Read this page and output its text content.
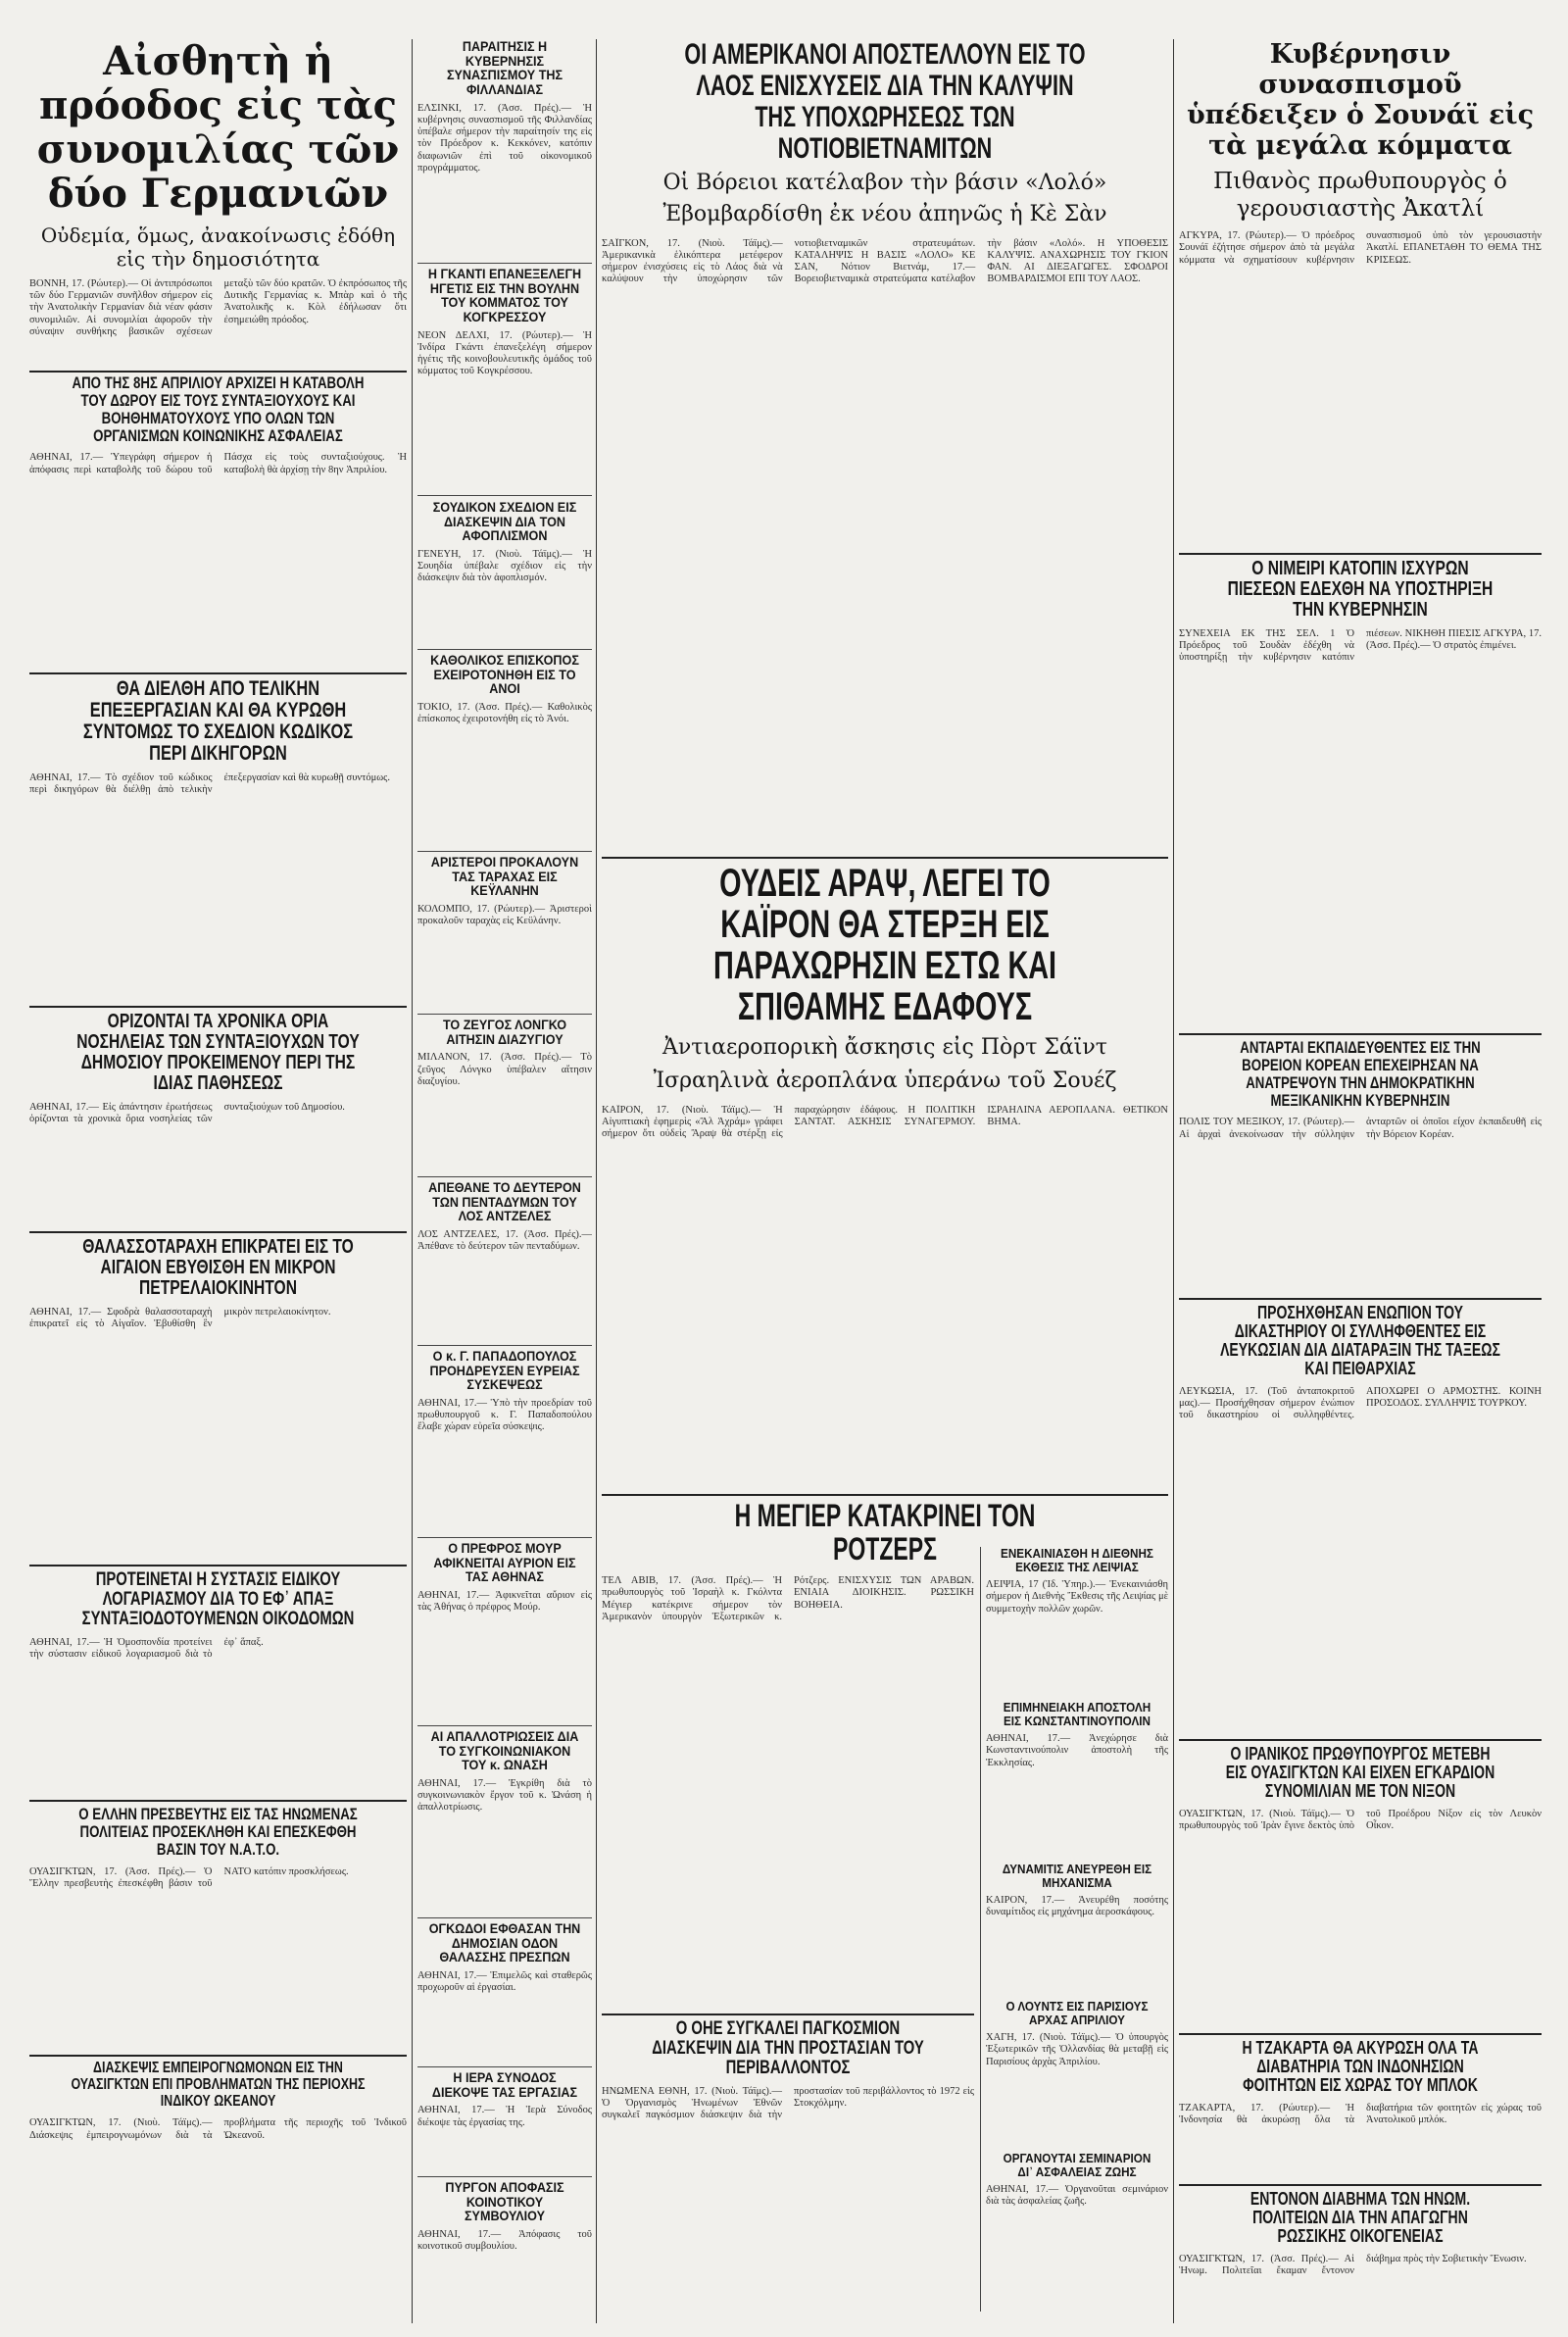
Αἰσθητὴ ἡ πρόοδος εἰς τὰς συνομιλίας τῶν δύο Γερμανιῶν

Οὐδεμία, ὅμως, ἀνακοίνωσις ἐδόθη εἰς τὴν δημοσιότητα

ΒΟΝΝΗ, 17. (Ρώυτερ).— Οἱ ἀντιπρόσωποι τῶν δύο Γερμανιῶν συνῆλθον σήμερον εἰς τὴν Ἀνατολικὴν Γερμανίαν διὰ νέαν φάσιν συνομιλιῶν. Αἱ συνομιλίαι ἀφοροῦν τὴν σύναψιν συνθήκης βασικῶν σχέσεων μεταξὺ τῶν δύο κρατῶν. Ὁ ἐκπρόσωπος τῆς Δυτικῆς Γερμανίας κ. Μπὰρ καὶ ὁ τῆς Ἀνατολικῆς κ. Κὸλ ἐδήλωσαν ὅτι ἐσημειώθη πρόοδος.
ΑΠΟ ΤΗΣ 8ΗΣ ΑΠΡΙΛΙΟΥ ΑΡΧΙΖΕΙ Η ΚΑΤΑΒΟΛΗ ΤΟΥ ΔΩΡΟΥ ΕΙΣ ΤΟΥΣ ΣΥΝΤΑΞΙΟΥΧΟΥΣ ΚΑΙ ΒΟΗΘΗΜΑΤΟΥΧΟΥΣ ΥΠΟ ΟΛΩΝ ΤΩΝ ΟΡΓΑΝΙΣΜΩΝ ΚΟΙΝΩΝΙΚΗΣ ΑΣΦΑΛΕΙΑΣ
ΑΘΗΝΑΙ, 17.— Ὑπεγράφη σήμερον ἡ ἀπόφασις περὶ καταβολῆς τοῦ δώρου τοῦ Πάσχα εἰς τοὺς συνταξιούχους. Ἡ καταβολὴ θὰ ἀρχίσῃ τὴν 8ην Ἀπριλίου.
ΘΑ ΔΙΕΛΘΗ ΑΠΟ ΤΕΛΙΚΗΝ ΕΠΕΞΕΡΓΑΣΙΑΝ ΚΑΙ ΘΑ ΚΥΡΩΘΗ ΣΥΝΤΟΜΩΣ ΤΟ ΣΧΕΔΙΟΝ ΚΩΔΙΚΟΣ ΠΕΡΙ ΔΙΚΗΓΟΡΩΝ
ΑΘΗΝΑΙ, 17.— Τὸ σχέδιον τοῦ κώδικος περὶ δικηγόρων θὰ διέλθῃ ἀπὸ τελικὴν ἐπεξεργασίαν καὶ θὰ κυρωθῇ συντόμως.
ΟΡΙΖΟΝΤΑΙ ΤΑ ΧΡΟΝΙΚΑ ΟΡΙΑ ΝΟΣΗΛΕΙΑΣ ΤΩΝ ΣΥΝΤΑΞΙΟΥΧΩΝ ΤΟΥ ΔΗΜΟΣΙΟΥ ΠΡΟΚΕΙΜΕΝΟΥ ΠΕΡΙ ΤΗΣ ΙΔΙΑΣ ΠΑΘΗΣΕΩΣ
ΑΘΗΝΑΙ, 17.— Εἰς ἀπάντησιν ἐρωτήσεως ὁρίζονται τὰ χρονικὰ ὅρια νοσηλείας τῶν συνταξιούχων τοῦ Δημοσίου.
ΘΑΛΑΣΣΟΤΑΡΑΧΗ ΕΠΙΚΡΑΤΕΙ ΕΙΣ ΤΟ ΑΙΓΑΙΟΝ ΕΒΥΘΙΣΘΗ ΕΝ ΜΙΚΡΟΝ ΠΕΤΡΕΛΑΙΟΚΙΝΗΤΟΝ
ΑΘΗΝΑΙ, 17.— Σφοδρὰ θαλασσοταραχὴ ἐπικρατεῖ εἰς τὸ Αἰγαῖον. Ἐβυθίσθη ἓν μικρὸν πετρελαιοκίνητον.
ΠΡΟΤΕΙΝΕΤΑΙ Η ΣΥΣΤΑΣΙΣ ΕΙΔΙΚΟΥ ΛΟΓΑΡΙΑΣΜΟΥ ΔΙΑ ΤΟ ΕΦ᾽ ΑΠΑΞ ΣΥΝΤΑΞΙΟΔΟΤΟΥΜΕΝΩΝ ΟΙΚΟΔΟΜΩΝ
ΑΘΗΝΑΙ, 17.— Ἡ Ὁμοσπονδία προτείνει τὴν σύστασιν εἰδικοῦ λογαριασμοῦ διὰ τὸ ἐφ᾽ ἅπαξ.
Ο ΕΛΛΗΝ ΠΡΕΣΒΕΥΤΗΣ ΕΙΣ ΤΑΣ ΗΝΩΜΕΝΑΣ ΠΟΛΙΤΕΙΑΣ ΠΡΟΣΕΚΛΗΘΗ ΚΑΙ ΕΠΕΣΚΕΦΘΗ ΒΑΣΙΝ ΤΟΥ Ν.Α.Τ.Ο.
ΟΥΑΣΙΓΚΤΩΝ, 17. (Ἀσσ. Πρές).— Ὁ Ἕλλην πρεσβευτὴς ἐπεσκέφθη βάσιν τοῦ ΝΑΤΟ κατόπιν προσκλήσεως.
ΔΙΑΣΚΕΨΙΣ ΕΜΠΕΙΡΟΓΝΩΜΟΝΩΝ ΕΙΣ ΤΗΝ ΟΥΑΣΙΓΚΤΩΝ ΕΠΙ ΠΡΟΒΛΗΜΑΤΩΝ ΤΗΣ ΠΕΡΙΟΧΗΣ ΙΝΔΙΚΟΥ ΩΚΕΑΝΟΥ
ΟΥΑΣΙΓΚΤΩΝ, 17. (Νιοὺ. Τάϊμς).— Διάσκεψις ἐμπειρογνωμόνων διὰ τὰ προβλήματα τῆς περιοχῆς τοῦ Ἰνδικοῦ Ὠκεανοῦ.
ΠΑΡΑΙΤΗΣΙΣ Η ΚΥΒΕΡΝΗΣΙΣ ΣΥΝΑΣΠΙΣΜΟΥ ΤΗΣ ΦΙΛΛΑΝΔΙΑΣ
ΕΛΣΙΝΚΙ, 17. (Ἀσσ. Πρές).— Ἡ κυβέρνησις συνασπισμοῦ τῆς Φιλλανδίας ὑπέβαλε σήμερον τὴν παραίτησίν της εἰς τὸν Πρόεδρον κ. Κεκκόνεν, κατόπιν διαφωνιῶν ἐπὶ τοῦ οἰκονομικοῦ προγράμματος.
Η ΓΚΑΝΤΙ ΕΠΑΝΕΞΕΛΕΓΗ ΗΓΕΤΙΣ ΕΙΣ ΤΗΝ ΒΟΥΛΗΝ ΤΟΥ ΚΟΜΜΑΤΟΣ ΤΟΥ ΚΟΓΚΡΕΣΣΟΥ
ΝΕΟΝ ΔΕΛΧΙ, 17. (Ρώυτερ).— Ἡ Ἰνδίρα Γκάντι ἐπανεξελέγη σήμερον ἡγέτις τῆς κοινοβουλευτικῆς ὁμάδος τοῦ κόμματος τοῦ Κογκρέσσου.
ΣΟΥΔΙΚΟΝ ΣΧΕΔΙΟΝ ΕΙΣ ΔΙΑΣΚΕΨΙΝ ΔΙΑ ΤΟΝ ΑΦΟΠΛΙΣΜΟΝ
ΓΕΝΕΥΗ, 17. (Νιοὺ. Τάϊμς).— Ἡ Σουηδία ὑπέβαλε σχέδιον εἰς τὴν διάσκεψιν διὰ τὸν ἀφοπλισμόν.
ΚΑΘΟΛΙΚΟΣ ΕΠΙΣΚΟΠΟΣ ΕΧΕΙΡΟΤΟΝΗΘΗ ΕΙΣ ΤΟ ΑΝΟΙ
ΤΟΚΙΟ, 17. (Ἀσσ. Πρές).— Καθολικὸς ἐπίσκοπος ἐχειροτονήθη εἰς τὸ Ἀνόι.
ΑΡΙΣΤΕΡΟΙ ΠΡΟΚΑΛΟΥΝ ΤΑΣ ΤΑΡΑΧΑΣ ΕΙΣ ΚΕΫΛΑΝΗΝ
ΚΟΛΟΜΠΟ, 17. (Ρώυτερ).— Ἀριστεροὶ προκαλοῦν ταραχὰς εἰς Κεϋλάνην.
ΤΟ ΖΕΥΓΟΣ ΛΟΝΓΚΟ ΑΙΤΗΣΙΝ ΔΙΑΖΥΓΙΟΥ
ΜΙΛΑΝΟΝ, 17. (Ἀσσ. Πρές).— Τὸ ζεῦγος Λόνγκο ὑπέβαλεν αἴτησιν διαζυγίου.
ΑΠΕΘΑΝΕ ΤΟ ΔΕΥΤΕΡΟΝ ΤΩΝ ΠΕΝΤΑΔΥΜΩΝ ΤΟΥ ΛΟΣ ΑΝΤΖΕΛΕΣ
ΛΟΣ ΑΝΤΖΕΛΕΣ, 17. (Ἀσσ. Πρές).— Ἀπέθανε τὸ δεύτερον τῶν πενταδύμων.
Ο κ. Γ. ΠΑΠΑΔΟΠΟΥΛΟΣ ΠΡΟΗΔΡΕΥΣΕΝ ΕΥΡΕΙΑΣ ΣΥΣΚΕΨΕΩΣ
ΑΘΗΝΑΙ, 17.— Ὑπὸ τὴν προεδρίαν τοῦ πρωθυπουργοῦ κ. Γ. Παπαδοπούλου ἔλαβε χώραν εὐρεῖα σύσκεψις.
Ο ΠΡΕΦΡΟΣ ΜΟΥΡ ΑΦΙΚΝΕΙΤΑΙ ΑΥΡΙΟΝ ΕΙΣ ΤΑΣ ΑΘΗΝΑΣ
ΑΘΗΝΑΙ, 17.— Ἀφικνεῖται αὔριον εἰς τὰς Ἀθήνας ὁ πρέφρος Μούρ.
ΑΙ ΑΠΑΛΛΟΤΡΙΩΣΕΙΣ ΔΙΑ ΤΟ ΣΥΓΚΟΙΝΩΝΙΑΚΟΝ ΤΟΥ κ. ΩΝΑΣΗ
ΑΘΗΝΑΙ, 17.— Ἐγκρίθη διὰ τὸ συγκοινωνιακὸν ἔργον τοῦ κ. Ὠνάση ἡ ἀπαλλοτρίωσις.
ΟΓΚΩΔΟΙ ΕΦΘΑΣΑΝ ΤΗΝ ΔΗΜΟΣΙΑΝ ΟΔΟΝ ΘΑΛΑΣΣΗΣ ΠΡΕΣΠΩΝ
ΑΘΗΝΑΙ, 17.— Ἐπιμελῶς καὶ σταθερῶς προχωροῦν αἱ ἐργασίαι.
Η ΙΕΡΑ ΣΥΝΟΔΟΣ ΔΙΕΚΟΨΕ ΤΑΣ ΕΡΓΑΣΙΑΣ
ΑΘΗΝΑΙ, 17.— Ἡ Ἱερὰ Σύνοδος διέκοψε τὰς ἐργασίας της.
ΠΥΡΓΟΝ ΑΠΟΦΑΣΙΣ ΚΟΙΝΟΤΙΚΟΥ ΣΥΜΒΟΥΛΙΟΥ
ΑΘΗΝΑΙ, 17.— Ἀπόφασις τοῦ κοινοτικοῦ συμβουλίου.
ΟΙ ΑΜΕΡΙΚΑΝΟΙ ΑΠΟΣΤΕΛΛΟΥΝ ΕΙΣ ΤΟ ΛΑΟΣ ΕΝΙΣΧΥΣΕΙΣ ΔΙΑ ΤΗΝ ΚΑΛΥΨΙΝ ΤΗΣ ΥΠΟΧΩΡΗΣΕΩΣ ΤΩΝ ΝΟΤΙΟΒΙΕΤΝΑΜΙΤΩΝ

Οἱ Βόρειοι κατέλαβον τὴν βάσιν «Λολό»

Ἐβομβαρδίσθη ἐκ νέου ἀπηνῶς ἡ Κὲ Σὰν

ΣΑΪΓΚΟΝ, 17. (Νιοὺ. Τάϊμς).— Ἀμερικανικὰ ἑλικόπτερα μετέφερον σήμερον ἐνισχύσεις εἰς τὸ Λάος διὰ νὰ καλύψουν τὴν ὑποχώρησιν τῶν νοτιοβιετναμικῶν στρατευμάτων. ΚΑΤΑΛΗΨΙΣ Η ΒΑΣΙΣ «ΛΟΛΟ» ΚΕ ΣΑΝ, Νότιον Βιετνάμ, 17.— Βορειοβιετναμικὰ στρατεύματα κατέλαβον τὴν βάσιν «Λολό». Η ΥΠΟΘΕΣΙΣ ΚΑΛΥΨΙΣ. ΑΝΑΧΩΡΗΣΙΣ ΤΟΥ ΓΚΙΟΝ ΦΑΝ. ΑΙ ΔΙΕΞΑΓΩΓΕΣ. ΣΦΟΔΡΟΙ ΒΟΜΒΑΡΔΙΣΜΟΙ ΕΠΙ ΤΟΥ ΛΑΟΣ.
ΟΥΔΕΙΣ ΑΡΑΨ, ΛΕΓΕΙ ΤΟ ΚΑΪΡΟΝ ΘΑ ΣΤΕΡΞΗ ΕΙΣ ΠΑΡΑΧΩΡΗΣΙΝ ΕΣΤΩ ΚΑΙ ΣΠΙΘΑΜΗΣ ΕΔΑΦΟΥΣ

Ἀντιαεροπορικὴ ἄσκησις εἰς Πὸρτ Σάϊντ

Ἰσραηλινὰ ἀεροπλάνα ὑπεράνω τοῦ Σουέζ

ΚΑΪΡΟΝ, 17. (Νιοὺ. Τάϊμς).— Ἡ Αἰγυπτιακὴ ἐφημερὶς «Ἄλ Ἀχράμ» γράφει σήμερον ὅτι οὐδεὶς Ἄραψ θὰ στέρξῃ εἰς παραχώρησιν ἐδάφους. Η ΠΟΛΙΤΙΚΗ ΣΑΝΤΑΤ. ΑΣΚΗΣΙΣ ΣΥΝΑΓΕΡΜΟΥ. ΙΣΡΑΗΛΙΝΑ ΑΕΡΟΠΛΑΝΑ. ΘΕΤΙΚΟΝ ΒΗΜΑ.
Η ΜΕΓΙΕΡ ΚΑΤΑΚΡΙΝΕΙ ΤΟΝ ΡΟΤΖΕΡΣ
ΤΕΛ ΑΒΙΒ, 17. (Ἀσσ. Πρές).— Ἡ πρωθυπουργὸς τοῦ Ἰσραὴλ κ. Γκόλντα Μέγιερ κατέκρινε σήμερον τὸν Ἀμερικανὸν ὑπουργὸν Ἐξωτερικῶν κ. Ρότζερς. ΕΝΙΣΧΥΣΙΣ ΤΩΝ ΑΡΑΒΩΝ. ΕΝΙΑΙΑ ΔΙΟΙΚΗΣΙΣ. ΡΩΣΣΙΚΗ ΒΟΗΘΕΙΑ.
ΕΝΕΚΑΙΝΙΑΣΘΗ Η ΔΙΕΘΝΗΣ ΕΚΘΕΣΙΣ ΤΗΣ ΛΕΙΨΙΑΣ
ΛΕΙΨΙΑ, 17 (Ἰδ. Ὑπηρ.).— Ἐνεκαινιάσθη σήμερον ἡ Διεθνὴς Ἔκθεσις τῆς Λειψίας μὲ συμμετοχὴν πολλῶν χωρῶν.
ΕΠΙΜΗΝΕΙΑΚΗ ΑΠΟΣΤΟΛΗ ΕΙΣ ΚΩΝΣΤΑΝΤΙΝΟΥΠΟΛΙΝ
ΑΘΗΝΑΙ, 17.— Ἀνεχώρησε διὰ Κωνσταντινούπολιν ἀποστολὴ τῆς Ἐκκλησίας.
ΔΥΝΑΜΙΤΙΣ ΑΝΕΥΡΕΘΗ ΕΙΣ ΜΗΧΑΝΙΣΜΑ
ΚΑΙΡΟΝ, 17.— Ἀνευρέθη ποσότης δυναμίτιδος εἰς μηχάνημα ἀεροσκάφους.
Ο ΛΟΥΝΤΣ ΕΙΣ ΠΑΡΙΣΙΟΥΣ ΑΡΧΑΣ ΑΠΡΙΛΙΟΥ
ΧΑΓΗ, 17. (Νιοὺ. Τάϊμς).— Ὁ ὑπουργὸς Ἐξωτερικῶν τῆς Ὁλλανδίας θὰ μεταβῇ εἰς Παρισίους ἀρχὰς Ἀπριλίου.
ΟΡΓΑΝΟΥΤΑΙ ΣΕΜΙΝΑΡΙΟΝ ΔΙ᾽ ΑΣΦΑΛΕΙΑΣ ΖΩΗΣ
ΑΘΗΝΑΙ, 17.— Ὀργανοῦται σεμινάριον διὰ τὰς ἀσφαλείας ζωῆς.
Ο ΟΗΕ ΣΥΓΚΑΛΕΙ ΠΑΓΚΟΣΜΙΟΝ ΔΙΑΣΚΕΨΙΝ ΔΙΑ ΤΗΝ ΠΡΟΣΤΑΣΙΑΝ ΤΟΥ ΠΕΡΙΒΑΛΛΟΝΤΟΣ
ΗΝΩΜΕΝΑ ΕΘΝΗ, 17. (Νιοὺ. Τάϊμς).— Ὁ Ὀργανισμὸς Ἡνωμένων Ἐθνῶν συγκαλεῖ παγκόσμιον διάσκεψιν διὰ τὴν προστασίαν τοῦ περιβάλλοντος τὸ 1972 εἰς Στοκχόλμην.
Κυβέρνησιν συνασπισμοῦ ὑπέδειξεν ὁ Σουνάϊ εἰς τὰ μεγάλα κόμματα

Πιθανὸς πρωθυπουργὸς ὁ γερουσιαστὴς Ἀκατλί

ΑΓΚΥΡΑ, 17. (Ρώυτερ).— Ὁ πρόεδρος Σουνάϊ ἐζήτησε σήμερον ἀπὸ τὰ μεγάλα κόμματα νὰ σχηματίσουν κυβέρνησιν συνασπισμοῦ ὑπὸ τὸν γερουσιαστὴν Ἀκατλί. ΕΠΑΝΕΤΑΘΗ ΤΟ ΘΕΜΑ ΤΗΣ ΚΡΙΣΕΩΣ.
Ο ΝΙΜΕΙΡΙ ΚΑΤΟΠΙΝ ΙΣΧΥΡΩΝ ΠΙΕΣΕΩΝ ΕΔΕΧΘΗ ΝΑ ΥΠΟΣΤΗΡΙΞΗ ΤΗΝ ΚΥΒΕΡΝΗΣΙΝ
ΣΥΝΕΧΕΙΑ ΕΚ ΤΗΣ ΣΕΛ. 1 Ὁ Πρόεδρος τοῦ Σουδὰν ἐδέχθη νὰ ὑποστηρίξῃ τὴν κυβέρνησιν κατόπιν πιέσεων. ΝΙΚΗΘΗ ΠΙΕΣΙΣ ΑΓΚΥΡΑ, 17. (Ἀσσ. Πρές).— Ὁ στρατὸς ἐπιμένει.
ΑΝΤΑΡΤΑΙ ΕΚΠΑΙΔΕΥΘΕΝΤΕΣ ΕΙΣ ΤΗΝ ΒΟΡΕΙΟΝ ΚΟΡΕΑΝ ΕΠΕΧΕΙΡΗΣΑΝ ΝΑ ΑΝΑΤΡΕΨΟΥΝ ΤΗΝ ΔΗΜΟΚΡΑΤΙΚΗΝ ΜΕΞΙΚΑΝΙΚΗΝ ΚΥΒΕΡΝΗΣΙΝ
ΠΟΛΙΣ ΤΟΥ ΜΕΞΙΚΟΥ, 17. (Ρώυτερ).— Αἱ ἀρχαὶ ἀνεκοίνωσαν τὴν σύλληψιν ἀνταρτῶν οἱ ὁποῖοι εἶχον ἐκπαιδευθῆ εἰς τὴν Βόρειον Κορέαν.
ΠΡΟΣΗΧΘΗΣΑΝ ΕΝΩΠΙΟΝ ΤΟΥ ΔΙΚΑΣΤΗΡΙΟΥ ΟΙ ΣΥΛΛΗΦΘΕΝΤΕΣ ΕΙΣ ΛΕΥΚΩΣΙΑΝ ΔΙΑ ΔΙΑΤΑΡΑΞΙΝ ΤΗΣ ΤΑΞΕΩΣ ΚΑΙ ΠΕΙΘΑΡΧΙΑΣ
ΛΕΥΚΩΣΙΑ, 17. (Τοῦ ἀνταποκριτοῦ μας).— Προσήχθησαν σήμερον ἐνώπιον τοῦ δικαστηρίου οἱ συλληφθέντες. ΑΠΟΧΩΡΕΙ Ο ΑΡΜΟΣΤΗΣ. ΚΟΙΝΗ ΠΡΟΣΟΔΟΣ. ΣΥΛΛΗΨΙΣ ΤΟΥΡΚΟΥ.
Ο ΙΡΑΝΙΚΟΣ ΠΡΩΘΥΠΟΥΡΓΟΣ ΜΕΤΕΒΗ ΕΙΣ ΟΥΑΣΙΓΚΤΩΝ ΚΑΙ ΕΙΧΕΝ ΕΓΚΑΡΔΙΟΝ ΣΥΝΟΜΙΛΙΑΝ ΜΕ ΤΟΝ ΝΙΞΟΝ
ΟΥΑΣΙΓΚΤΩΝ, 17. (Νιοὺ. Τάϊμς).— Ὁ πρωθυπουργὸς τοῦ Ἰρὰν ἔγινε δεκτὸς ὑπὸ τοῦ Προέδρου Νίξον εἰς τὸν Λευκὸν Οἶκον.
Η ΤΖΑΚΑΡΤΑ ΘΑ ΑΚΥΡΩΣΗ ΟΛΑ ΤΑ ΔΙΑΒΑΤΗΡΙΑ ΤΩΝ ΙΝΔΟΝΗΣΙΩΝ ΦΟΙΤΗΤΩΝ ΕΙΣ ΧΩΡΑΣ ΤΟΥ ΜΠΛΟΚ
ΤΖΑΚΑΡΤΑ, 17. (Ρώυτερ).— Ἡ Ἰνδονησία θὰ ἀκυρώσῃ ὅλα τὰ διαβατήρια τῶν φοιτητῶν εἰς χώρας τοῦ Ἀνατολικοῦ μπλόκ.
ΕΝΤΟΝΟΝ ΔΙΑΒΗΜΑ ΤΩΝ ΗΝΩΜ. ΠΟΛΙΤΕΙΩΝ ΔΙΑ ΤΗΝ ΑΠΑΓΩΓΗΝ ΡΩΣΣΙΚΗΣ ΟΙΚΟΓΕΝΕΙΑΣ
ΟΥΑΣΙΓΚΤΩΝ, 17. (Ἀσσ. Πρές).— Αἱ Ἡνωμ. Πολιτεῖαι ἔκαμαν ἔντονον διάβημα πρὸς τὴν Σοβιετικὴν Ἕνωσιν.
